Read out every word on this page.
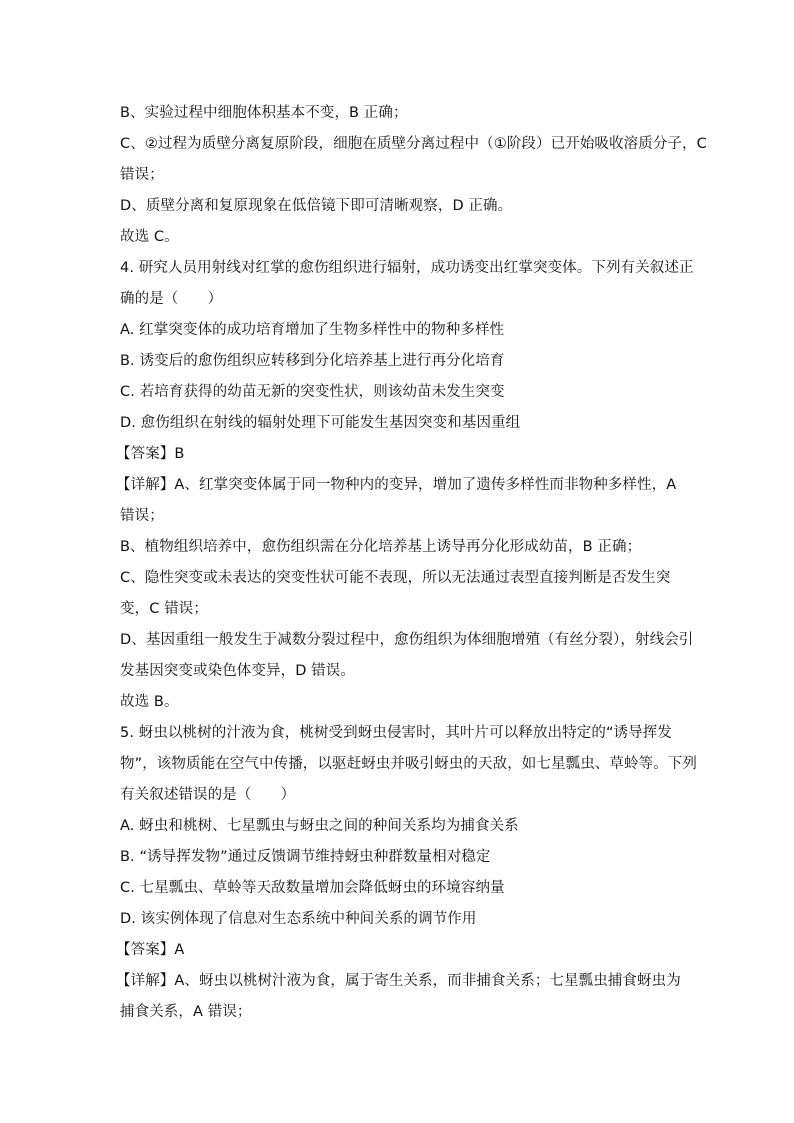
B、实验过程中细胞体积基本不变，B 正确；
C、②过程为质壁分离复原阶段，细胞在质壁分离过程中（①阶段）已开始吸收溶质分子，C
错误；
D、质壁分离和复原现象在低倍镜下即可清晰观察，D 正确。
故选 C。
4. 研究人员用射线对红掌的愈伤组织进行辐射，成功诱变出红掌突变体。下列有关叙述正
确的是（　　）
A. 红掌突变体的成功培育增加了生物多样性中的物种多样性
B. 诱变后的愈伤组织应转移到分化培养基上进行再分化培育
C. 若培育获得的幼苗无新的突变性状，则该幼苗未发生突变
D. 愈伤组织在射线的辐射处理下可能发生基因突变和基因重组
【答案】B
【详解】A、红掌突变体属于同一物种内的变异，增加了遗传多样性而非物种多样性，A
错误；
B、植物组织培养中，愈伤组织需在分化培养基上诱导再分化形成幼苗，B 正确；
C、隐性突变或未表达的突变性状可能不表现，所以无法通过表型直接判断是否发生突
变，C 错误；
D、基因重组一般发生于减数分裂过程中，愈伤组织为体细胞增殖（有丝分裂），射线会引
发基因突变或染色体变异，D 错误。
故选 B。
5. 蚜虫以桃树的汁液为食，桃树受到蚜虫侵害时，其叶片可以释放出特定的“诱导挥发
物”，该物质能在空气中传播，以驱赶蚜虫并吸引蚜虫的天敌，如七星瓢虫、草蛉等。下列
有关叙述错误的是（　　）
A. 蚜虫和桃树、七星瓢虫与蚜虫之间的种间关系均为捕食关系
B. “诱导挥发物”通过反馈调节维持蚜虫种群数量相对稳定
C. 七星瓢虫、草蛉等天敌数量增加会降低蚜虫的环境容纳量
D. 该实例体现了信息对生态系统中种间关系的调节作用
【答案】A
【详解】A、蚜虫以桃树汁液为食，属于寄生关系，而非捕食关系；七星瓢虫捕食蚜虫为
捕食关系，A 错误；
